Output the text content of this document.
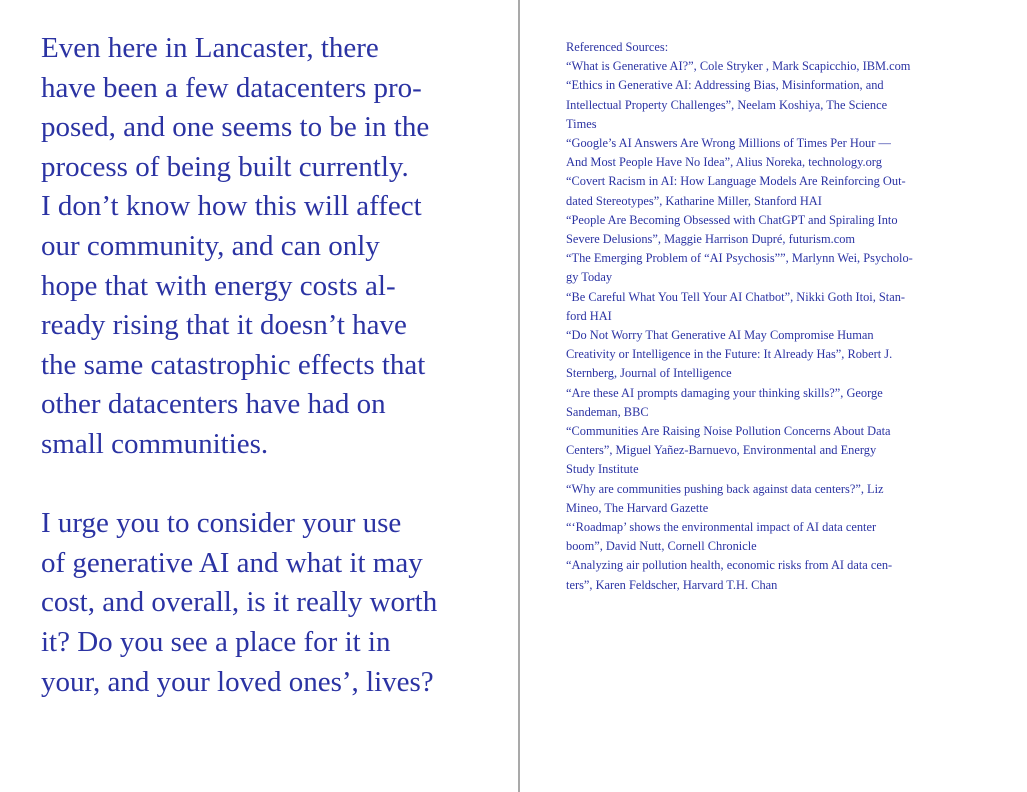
Even here in Lancaster, there
have been a few datacenters pro-
posed, and one seems to be in the
process of being built currently.
I don’t know how this will affect
our community, and can only
hope that with energy costs al-
ready rising that it doesn’t have
the same catastrophic effects that
other datacenters have had on
small communities.

I urge you to consider your use
of generative AI and what it may
cost, and overall, is it really worth
it? Do you see a place for it in
your, and your loved ones’, lives?

Referenced Sources:
“What is Generative AI?”, Cole Stryker , Mark Scapicchio, IBM.com
“Ethics in Generative AI: Addressing Bias, Misinformation, and
Intellectual Property Challenges”, Neelam Koshiya, The Science
Times
“Google’s AI Answers Are Wrong Millions of Times Per Hour —
And Most People Have No Idea”, Alius Noreka, technology.org
“Covert Racism in AI: How Language Models Are Reinforcing Out-
dated Stereotypes”, Katharine Miller, Stanford HAI
“People Are Becoming Obsessed with ChatGPT and Spiraling Into
Severe Delusions”, Maggie Harrison Dupré, futurism.com
“The Emerging Problem of “AI Psychosis””, Marlynn Wei, Psycholo-
gy Today
“Be Careful What You Tell Your AI Chatbot”, Nikki Goth Itoi, Stan-
ford HAI
“Do Not Worry That Generative AI May Compromise Human
Creativity or Intelligence in the Future: It Already Has”, Robert J.
Sternberg, Journal of Intelligence
“Are these AI prompts damaging your thinking skills?”, George
Sandeman, BBC
“Communities Are Raising Noise Pollution Concerns About Data
Centers”, Miguel Yañez-Barnuevo, Environmental and Energy
Study Institute
“Why are communities pushing back against data centers?”, Liz
Mineo, The Harvard Gazette
“‘Roadmap’ shows the environmental impact of AI data center
boom”, David Nutt, Cornell Chronicle
“Analyzing air pollution health, economic risks from AI data cen-
ters”, Karen Feldscher, Harvard T.H. Chan
